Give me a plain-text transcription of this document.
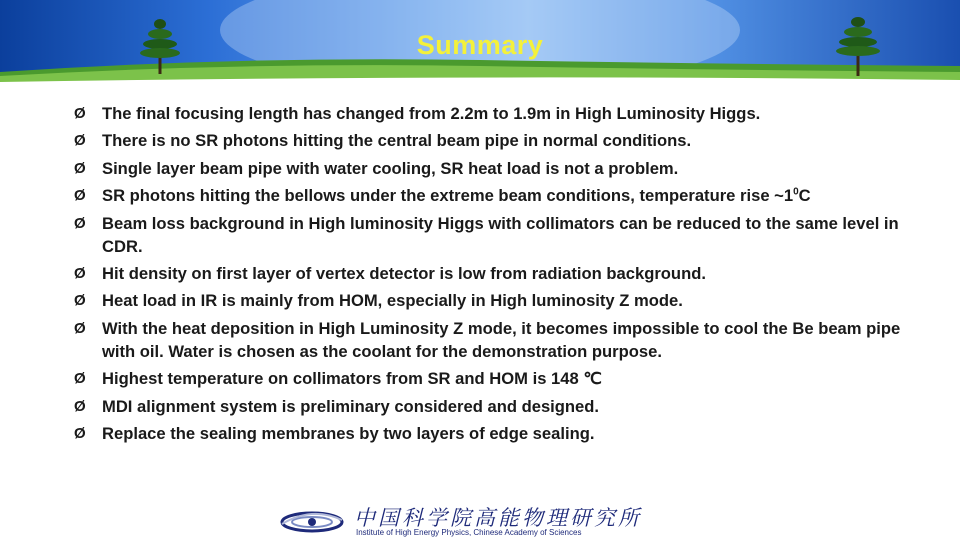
Summary
Ø The final focusing length has changed from 2.2m to 1.9m in High Luminosity Higgs.
Ø There is no SR photons hitting the central beam pipe in normal conditions.
Ø Single layer beam pipe with water cooling, SR heat load is not a problem.
Ø SR photons hitting the bellows under the extreme beam conditions, temperature rise $\sim 1^0C$
Ø Beam loss background in High luminosity Higgs with collimators can be reduced to the same level in CDR.
Ø Hit density on first layer of vertex detector is low from radiation background.
Ø Heat load in IR is mainly from HOM, especially in High luminosity Z mode.
Ø With the heat deposition in High Luminosity Z mode, it becomes impossible to cool the Be beam pipe with oil. Water is chosen as the coolant for the demonstration purpose.
Ø Highest temperature on collimators from SR and HOM is 148 ℃
Ø MDI alignment system is preliminary considered and designed.
Ø Replace the sealing membranes by two layers of edge sealing.
中国科学院高能物理研究所
Institute of High Energy Physics, Chinese Academy of Sciences
